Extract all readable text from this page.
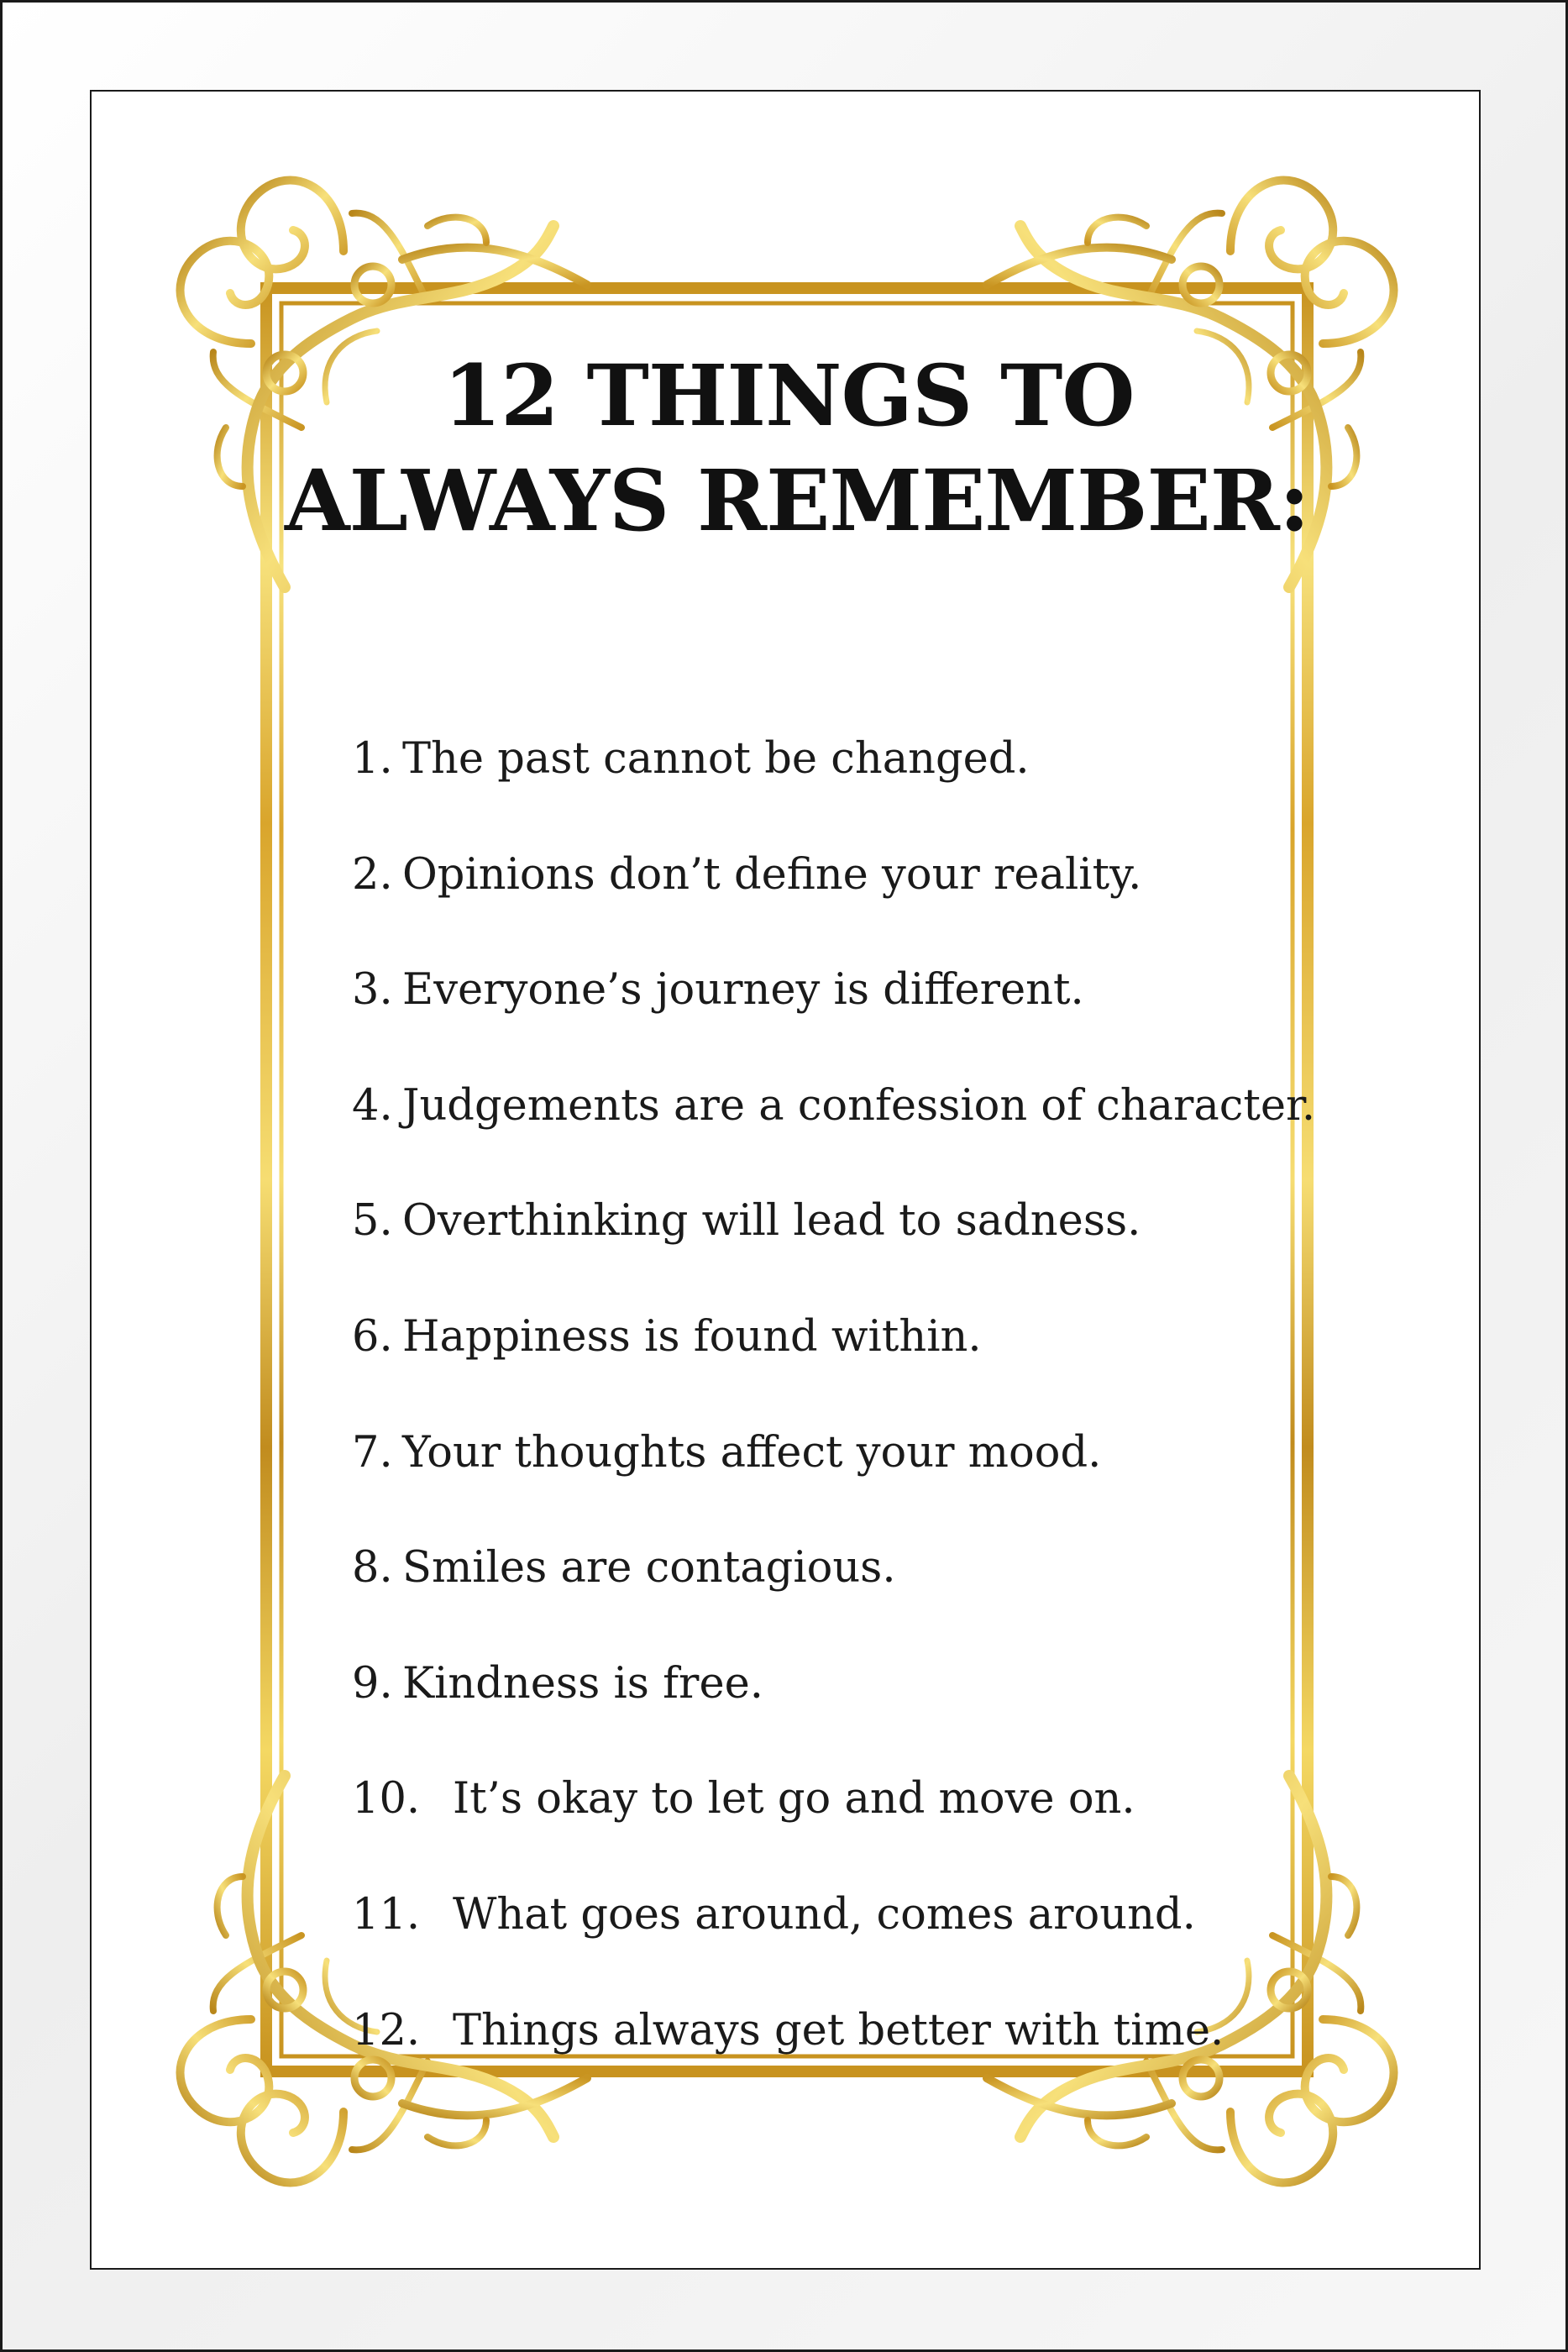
12 THINGS TO
ALWAYS REMEMBER:
1. The past cannot be changed.
2. Opinions don’t define your reality.
3. Everyone’s journey is different.
4. Judgements are a confession of character.
5. Overthinking will lead to sadness.
6. Happiness is found within.
7. Your thoughts affect your mood.
8. Smiles are contagious.
9. Kindness is free.
10. It’s okay to let go and move on.
11. What goes around, comes around.
12. Things always get better with time.
